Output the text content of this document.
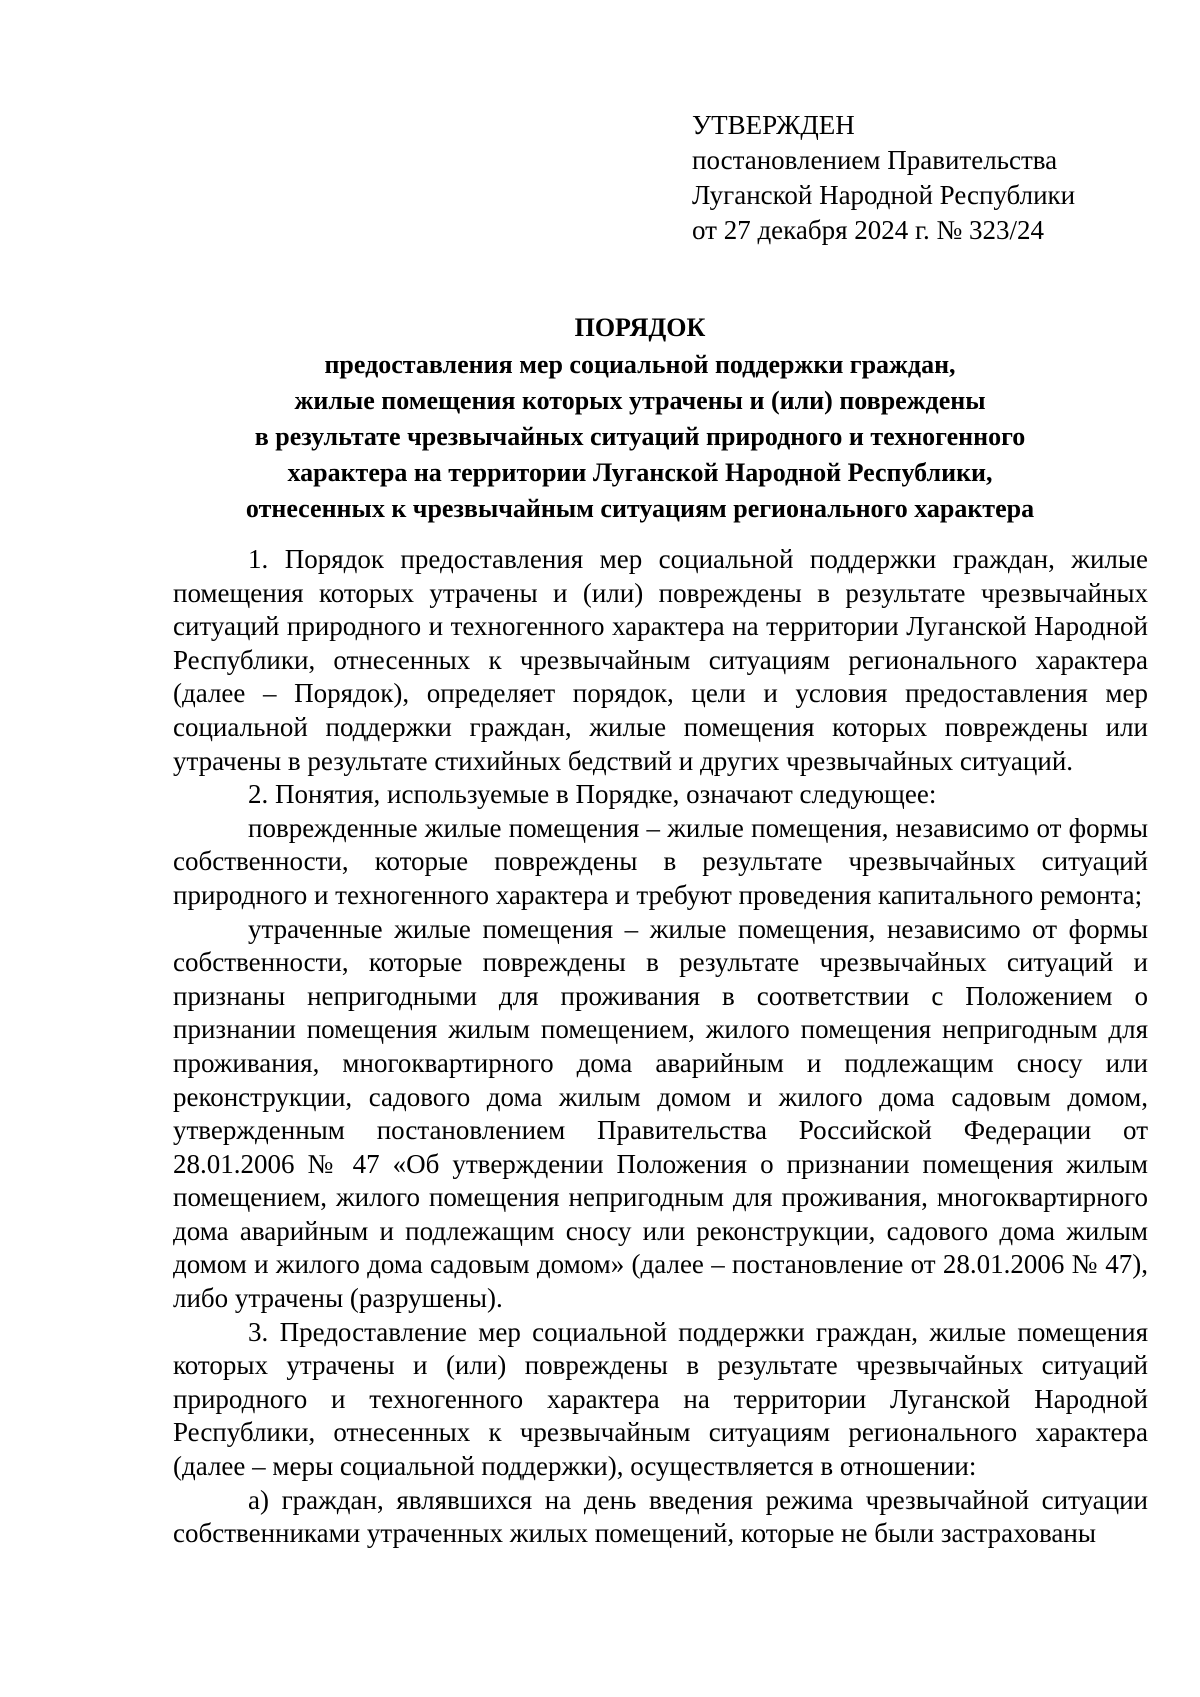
УТВЕРЖДЕН
постановлением Правительства
Луганской Народной Республики
от 27 декабря 2024 г. № 323/24
ПОРЯДОК
предоставления мер социальной поддержки граждан,
жилые помещения которых утрачены и (или) повреждены
в результате чрезвычайных ситуаций природного и техногенного
характера на территории Луганской Народной Республики,
отнесенных к чрезвычайным ситуациям регионального характера

1. Порядок предоставления мер социальной поддержки граждан, жилые помещения которых утрачены и (или) повреждены в результате чрезвычайных ситуаций природного и техногенного характера на территории Луганской Народной Республики, отнесенных к чрезвычайным ситуациям регионального характера (далее – Порядок), определяет порядок, цели и условия предоставления мер социальной поддержки граждан, жилые помещения которых повреждены или утрачены в результате стихийных бедствий и других чрезвычайных ситуаций.

2. Понятия, используемые в Порядке, означают следующее:

поврежденные жилые помещения – жилые помещения, независимо от формы собственности, которые повреждены в результате чрезвычайных ситуаций природного и техногенного характера и требуют проведения капитального ремонта;

утраченные жилые помещения – жилые помещения, независимо от формы собственности, которые повреждены в результате чрезвычайных ситуаций и признаны непригодными для проживания в соответствии с Положением о признании помещения жилым помещением, жилого помещения непригодным для проживания, многоквартирного дома аварийным и подлежащим сносу или реконструкции, садового дома жилым домом и жилого дома садовым домом, утвержденным постановлением Правительства Российской Федерации от 28.01.2006 № 47 «Об утверждении Положения о признании помещения жилым помещением, жилого помещения непригодным для проживания, многоквартирного дома аварийным и подлежащим сносу или реконструкции, садового дома жилым домом и жилого дома садовым домом» (далее – постановление от 28.01.2006 № 47), либо утрачены (разрушены).

3. Предоставление мер социальной поддержки граждан, жилые помещения которых утрачены и (или) повреждены в результате чрезвычайных ситуаций природного и техногенного характера на территории Луганской Народной Республики, отнесенных к чрезвычайным ситуациям регионального характера (далее – меры социальной поддержки), осуществляется в отношении:

а) граждан, являвшихся на день введения режима чрезвычайной ситуации собственниками утраченных жилых помещений, которые не были застрахованы
